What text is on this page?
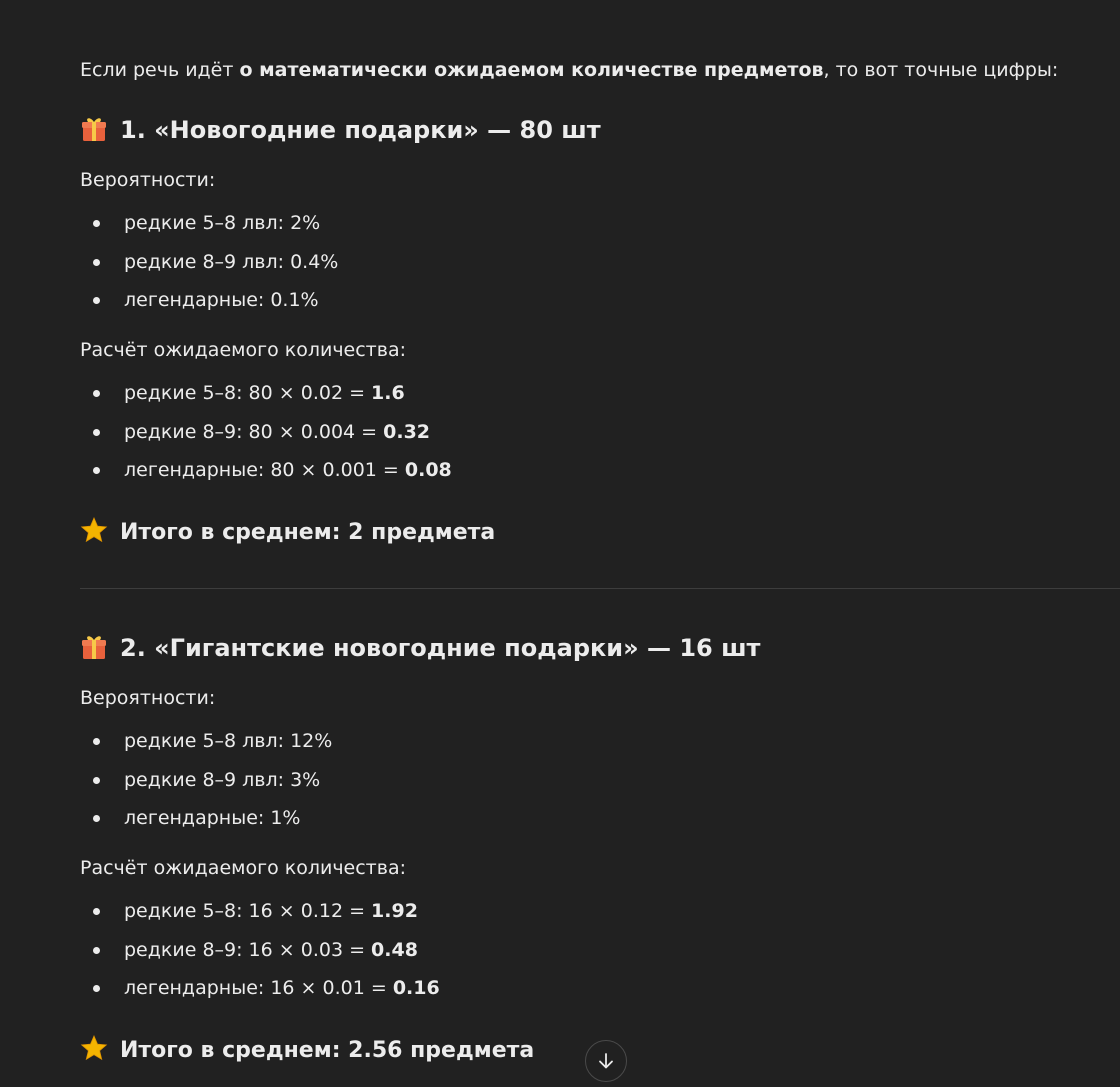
Если речь идёт о математически ожидаемом количестве предметов, то вот точные цифры:
1. «Новогодние подарки» — 80 шт
Вероятности:
редкие 5–8 лвл: 2%
редкие 8–9 лвл: 0.4%
легендарные: 0.1%
Расчёт ожидаемого количества:
редкие 5–8: 80 × 0.02 = 1.6
редкие 8–9: 80 × 0.004 = 0.32
легендарные: 80 × 0.001 = 0.08
Итого в среднем: 2 предмета
2. «Гигантские новогодние подарки» — 16 шт
Вероятности:
редкие 5–8 лвл: 12%
редкие 8–9 лвл: 3%
легендарные: 1%
Расчёт ожидаемого количества:
редкие 5–8: 16 × 0.12 = 1.92
редкие 8–9: 16 × 0.03 = 0.48
легендарные: 16 × 0.01 = 0.16
Итого в среднем: 2.56 предмета
